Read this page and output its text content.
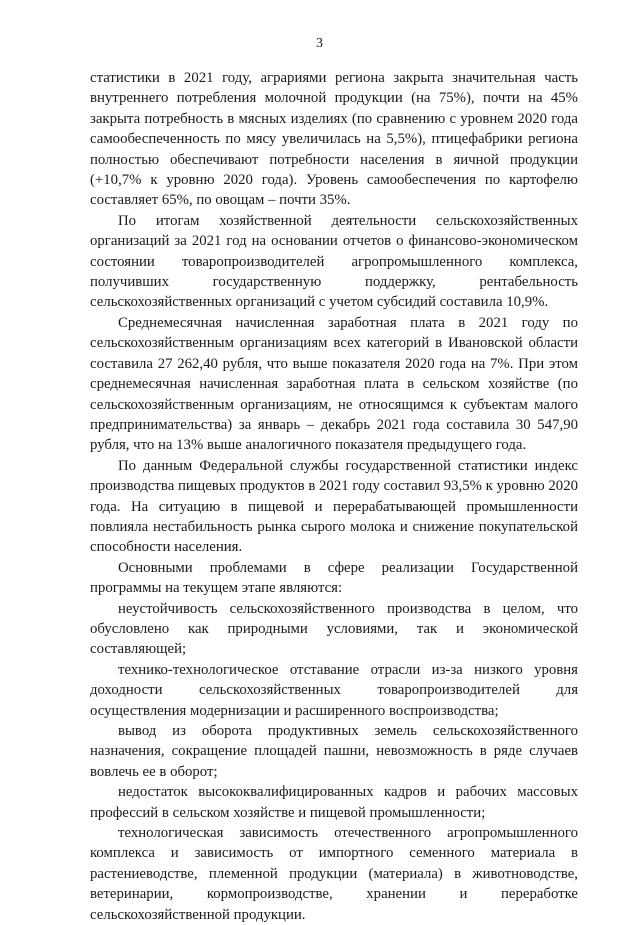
3

статистики в 2021 году, аграриями региона закрыта значительная часть внутреннего потребления молочной продукции (на 75%), почти на 45% закрыта потребность в мясных изделиях (по сравнению с уровнем 2020 года самообеспеченность по мясу увеличилась на 5,5%), птицефабрики региона полностью обеспечивают потребности населения в яичной продукции (+10,7% к уровню 2020 года). Уровень самообеспечения по картофелю составляет 65%, по овощам – почти 35%.

По итогам хозяйственной деятельности сельскохозяйственных организаций за 2021 год на основании отчетов о финансово-экономическом состоянии товаропроизводителей агропромышленного комплекса, получивших государственную поддержку, рентабельность сельскохозяйственных организаций с учетом субсидий составила 10,9%.

Среднемесячная начисленная заработная плата в 2021 году по сельскохозяйственным организациям всех категорий в Ивановской области составила 27 262,40 рубля, что выше показателя 2020 года на 7%. При этом среднемесячная начисленная заработная плата в сельском хозяйстве (по сельскохозяйственным организациям, не относящимся к субъектам малого предпринимательства) за январь – декабрь 2021 года составила 30 547,90 рубля, что на 13% выше аналогичного показателя предыдущего года.

По данным Федеральной службы государственной статистики индекс производства пищевых продуктов в 2021 году составил 93,5% к уровню 2020 года. На ситуацию в пищевой и перерабатывающей промышленности повлияла нестабильность рынка сырого молока и снижение покупательской способности населения.

Основными проблемами в сфере реализации Государственной программы на текущем этапе являются:

неустойчивость сельскохозяйственного производства в целом, что обусловлено как природными условиями, так и экономической составляющей;

технико-технологическое отставание отрасли из-за низкого уровня доходности сельскохозяйственных товаропроизводителей для осуществления модернизации и расширенного воспроизводства;

вывод из оборота продуктивных земель сельскохозяйственного назначения, сокращение площадей пашни, невозможность в ряде случаев вовлечь ее в оборот;

недостаток высококвалифицированных кадров и рабочих массовых профессий в сельском хозяйстве и пищевой промышленности;

технологическая зависимость отечественного агропромышленного комплекса и зависимость от импортного семенного материала в растениеводстве, племенной продукции (материала) в животноводстве, ветеринарии, кормопроизводстве, хранении и переработке сельскохозяйственной продукции.
